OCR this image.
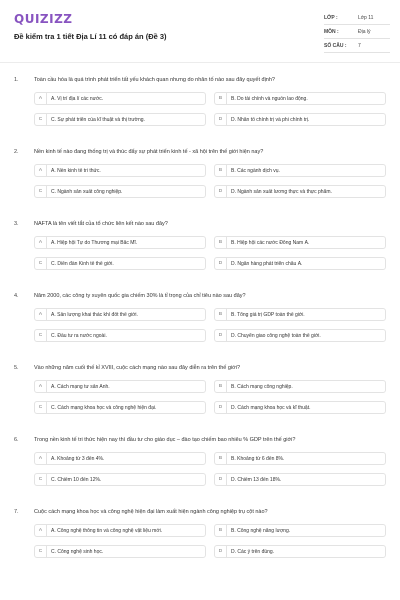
QUIZIZZ
Đề kiểm tra 1 tiết Địa Lí 11 có đáp án (Đề 3)
LỚP :	Lớp 11
MÔN :	Địa lý
SỐ CÂU :	7
1.	Toàn cầu hóa là quá trình phát triển tất yếu khách quan nhưng do nhân tố nào sau đây quyết định?
A	A. Vị trí địa lí các nước.	B	B. Do tài chính và nguồn lao động.
C	C. Sự phát triển của kĩ thuật và thị trường.	D	D. Nhân tố chính trị và phi chính trị.
2.	Nền kinh tế nào đang thống trị và thúc đẩy sự phát triển kinh tế - xã hội trên thế giới hiện nay?
A	A. Nền kinh tế tri thức.	B	B. Các ngành dịch vụ.
C	C. Ngành sản xuất công nghiệp.	D	D. Ngành sản xuất lương thực và thực phẩm.
3.	NAFTA là tên viết tắt của tổ chức liên kết nào sau đây?
A	A. Hiệp hội Tự do Thương mại Bắc Mĩ.	B	B. Hiệp hội các nước Đông Nam Á.
C	C. Diễn đàn Kinh tế thế giới.	D	D. Ngân hàng phát triển châu Á.
4.	Năm 2000, các công ty xuyên quốc gia chiếm 30% là tỉ trọng của chỉ tiêu nào sau đây?
A	A. Sản lượng khai thác khí đốt thế giới.	B	B. Tổng giá trị GDP toàn thế giới.
C	C. Đầu tư ra nước ngoài.	D	D. Chuyển giao công nghệ toàn thế giới.
5.	Vào những năm cuối thế kỉ XVIII, cuộc cách mạng nào sau đây diễn ra trên thế giới?
A	A. Cách mạng tư sản Anh.	B	B. Cách mạng công nghiệp.
C	C. Cách mạng khoa học và công nghệ hiện đại.	D	D. Cách mạng khoa học và kĩ thuật.
6.	Trong nền kinh tế tri thức hiện nay thì đầu tư cho giáo dục – đào tạo chiếm bao nhiêu % GDP trên thế giới?
A	A. Khoảng từ 3 đến 4%.	B	B. Khoảng từ 6 đến 8%.
C	C. Chiếm 10 đến 12%.	D	D. Chiếm 13 đến 18%.
7.	Cuộc cách mạng khoa học và công nghệ hiện đại làm xuất hiện ngành công nghiệp trụ cột nào?
A	A. Công nghệ thông tin và công nghệ vật liệu mới.	B	B. Công nghệ năng lượng.
C	C. Công nghệ sinh học.	D	D. Các ý trên đúng.
